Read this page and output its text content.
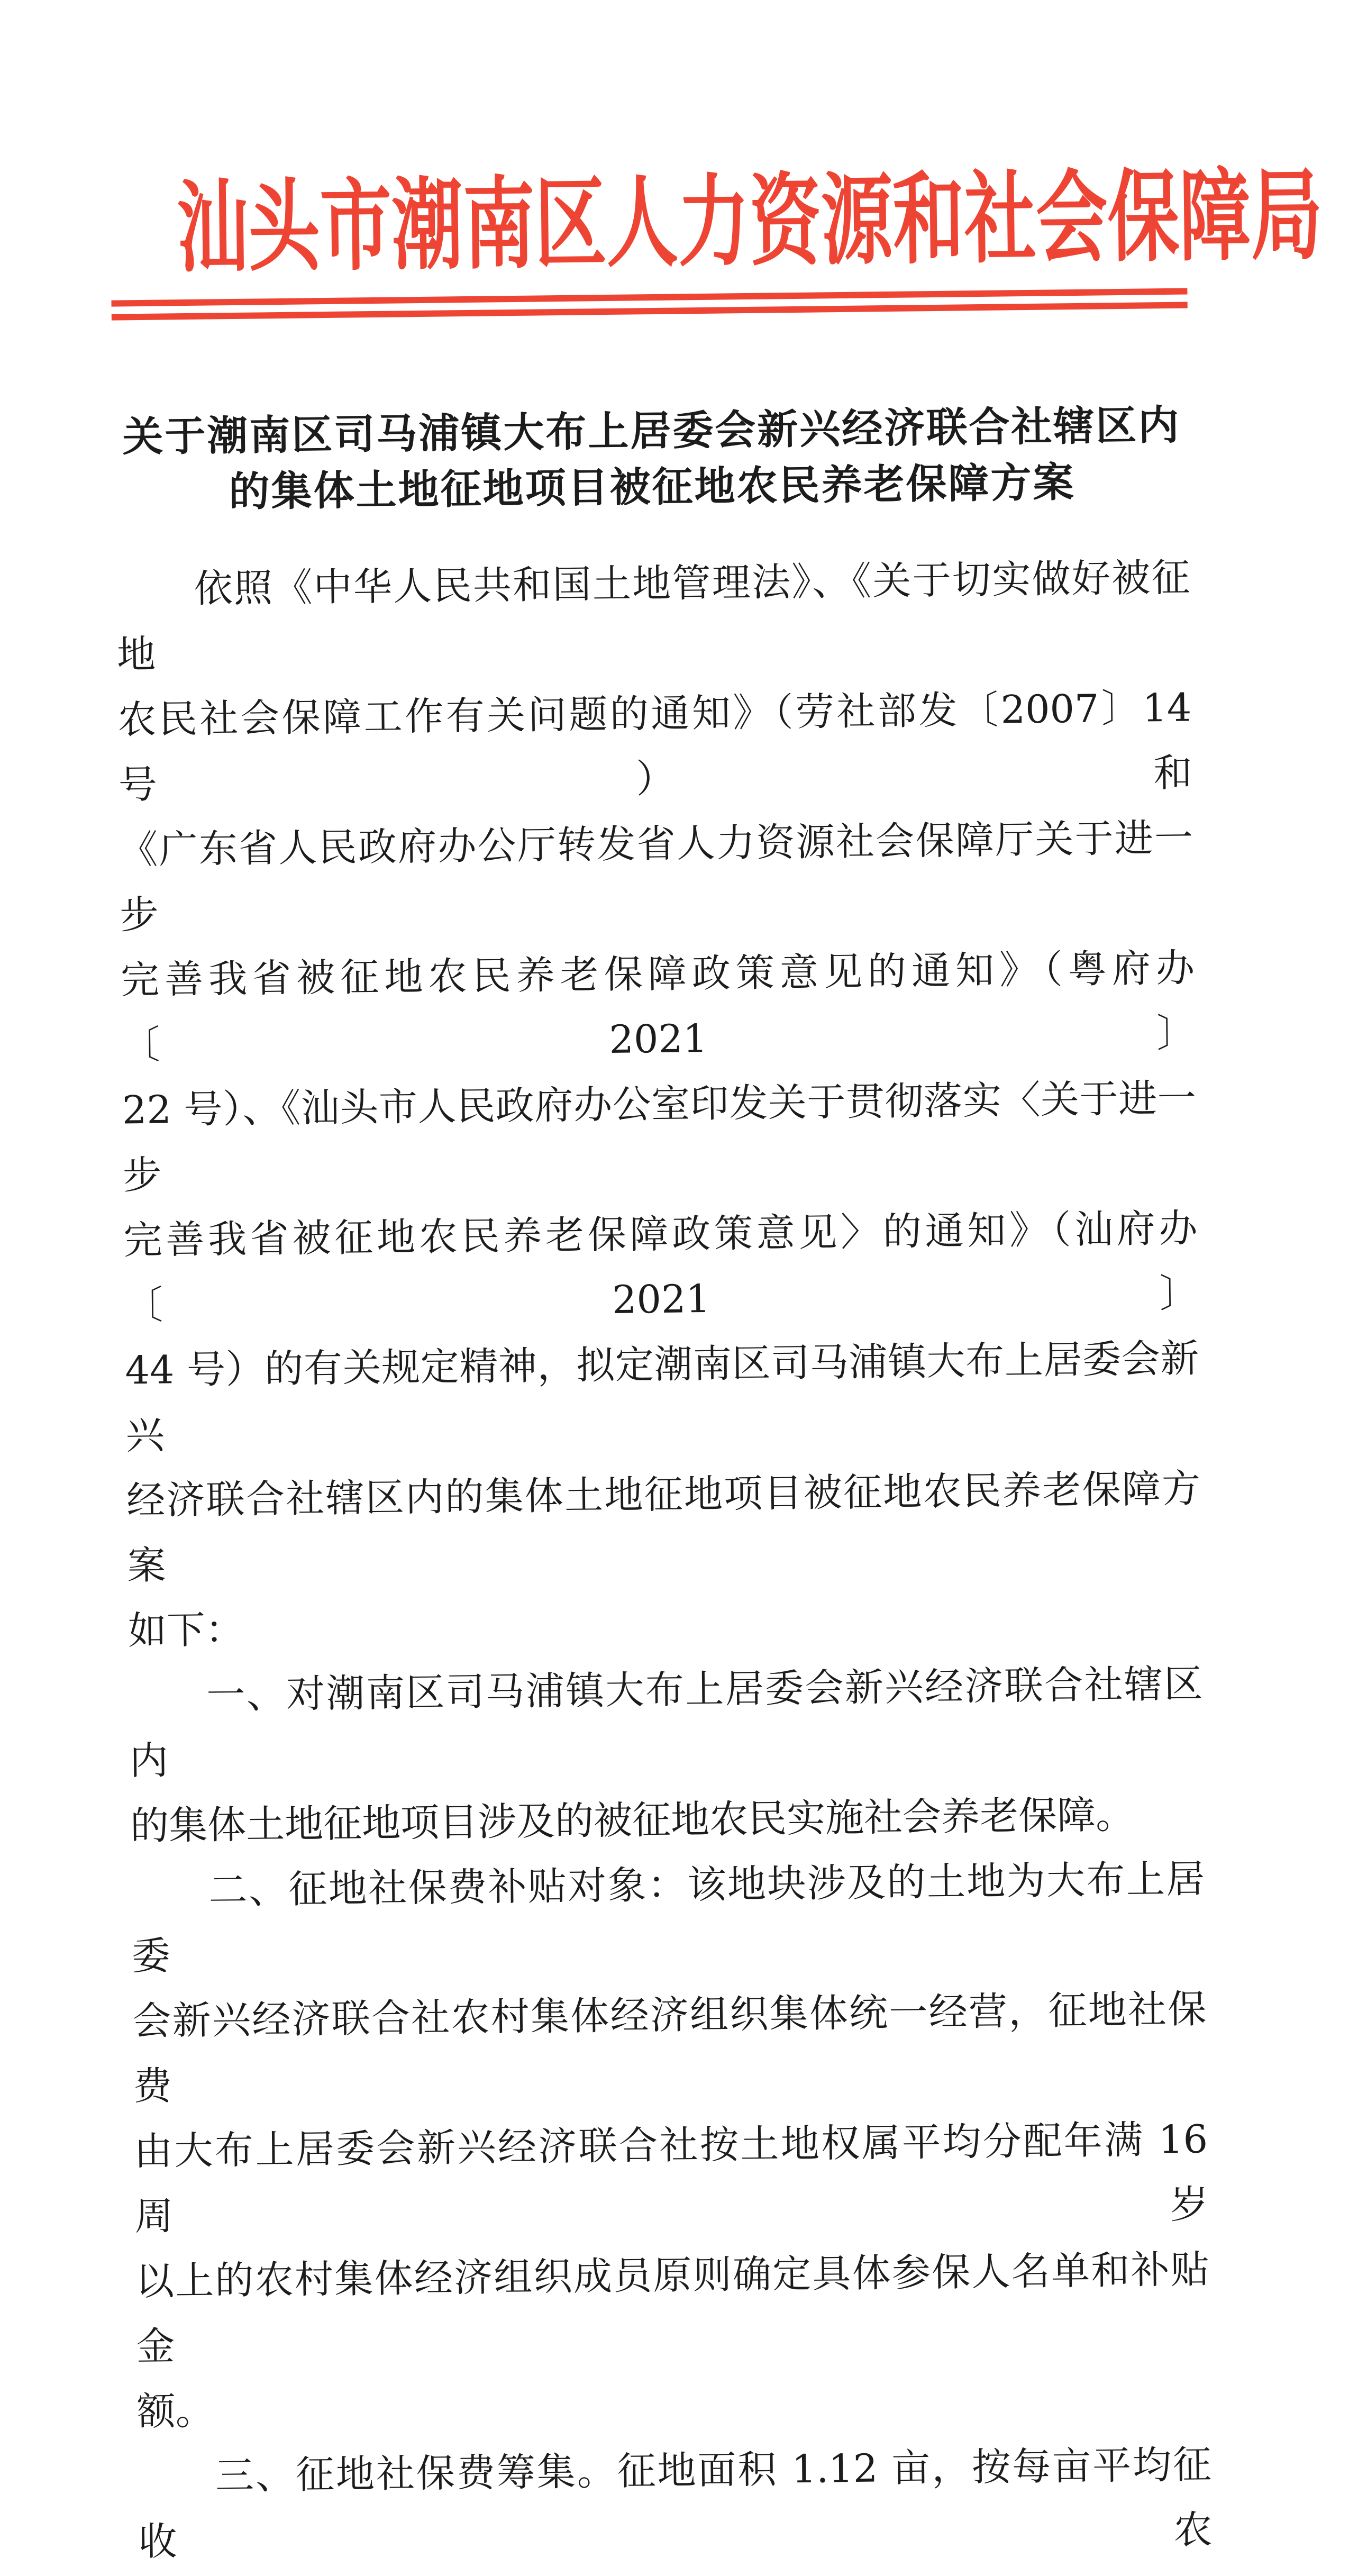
汕头市潮南区人力资源和社会保障局
关于潮南区司马浦镇大布上居委会新兴经济联合社辖区内
的集体土地征地项目被征地农民养老保障方案
依照《中华人民共和国土地管理法》、《关于切实做好被征地
农民社会保障工作有关问题的通知》（劳社部发〔2007〕14 号）和
《广东省人民政府办公厅转发省人力资源社会保障厅关于进一步
完善我省被征地农民养老保障政策意见的通知》（粤府办〔2021〕
22 号）、《汕头市人民政府办公室印发关于贯彻落实〈关于进一步
完善我省被征地农民养老保障政策意见〉的通知》（汕府办〔2021〕
44 号）的有关规定精神，拟定潮南区司马浦镇大布上居委会新兴
经济联合社辖区内的集体土地征地项目被征地农民养老保障方案
如下：
一、对潮南区司马浦镇大布上居委会新兴经济联合社辖区内
的集体土地征地项目涉及的被征地农民实施社会养老保障。
二、征地社保费补贴对象：该地块涉及的土地为大布上居委
会新兴经济联合社农村集体经济组织集体统一经营，征地社保费
由大布上居委会新兴经济联合社按土地权属平均分配年满 16 周岁
以上的农村集体经济组织成员原则确定具体参保人名单和补贴金
额。
三、征地社保费筹集。征地面积 1.12 亩，按每亩平均征收农
